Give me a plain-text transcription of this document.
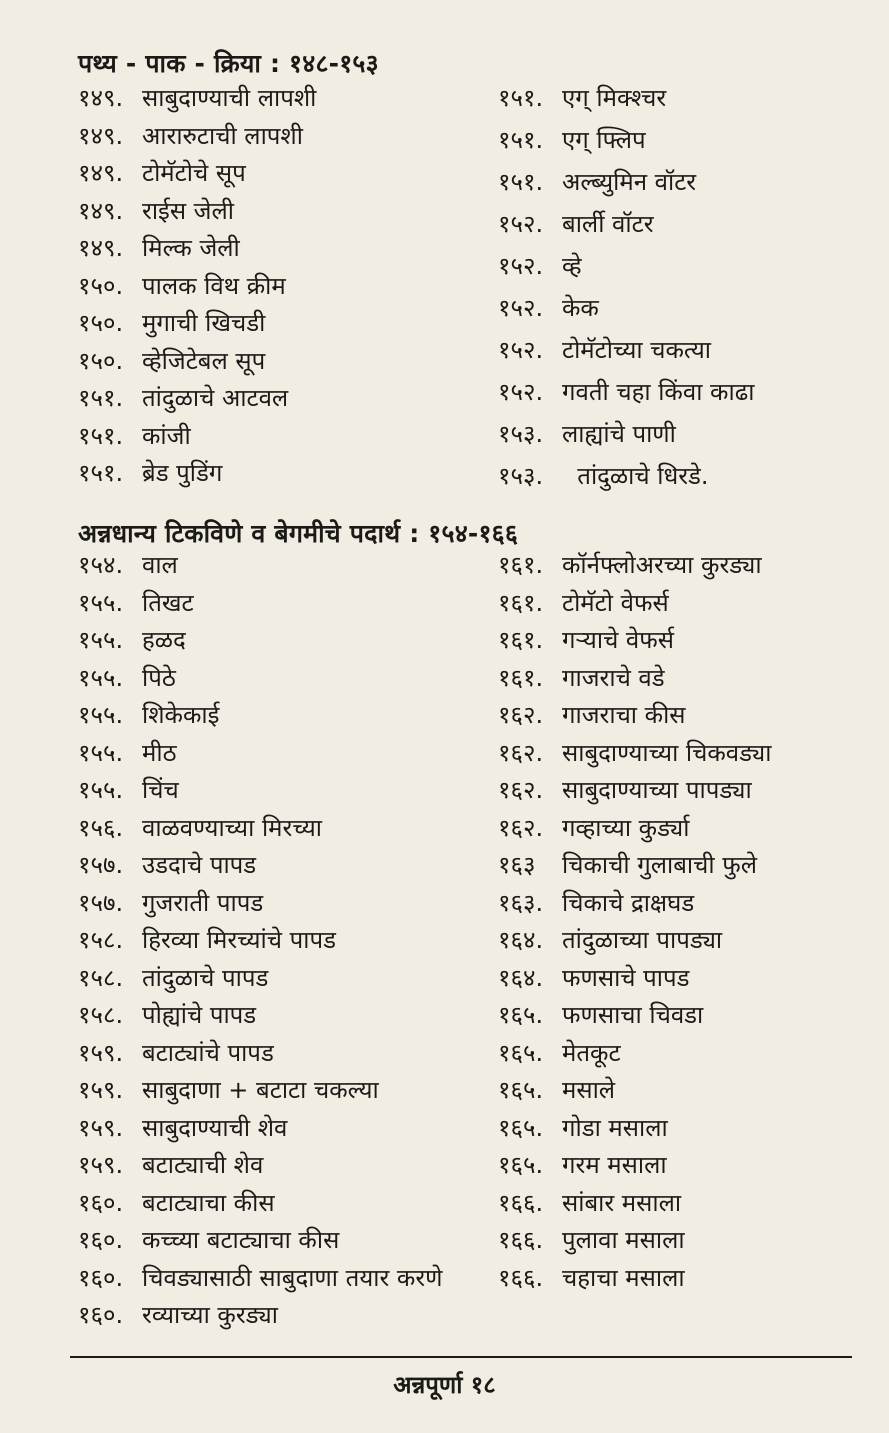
पथ्य - पाक - क्रिया : १४८-१५३
१४९. साबुदाण्याची लापशी
१४९. आरारुटाची लापशी
१४९. टोमॅटोचे सूप
१४९. राईस जेली
१४९. मिल्क जेली
१५०. पालक विथ क्रीम
१५०. मुगाची खिचडी
१५०. व्हेजिटेबल सूप
१५१. तांदुळाचे आटवल
१५१. कांजी
१५१. ब्रेड पुडिंग
१५१. एग् मिक्श्चर
१५१. एग् फ्लिप
१५१. अल्ब्युमिन वॉटर
१५२. बार्ली वॉटर
१५२. व्हे
१५२. केक
१५२. टोमॅटोच्या चकत्या
१५२. गवती चहा किंवा काढा
१५३. लाह्यांचे पाणी
१५३.  तांदुळाचे धिरडे.
अन्नधान्य टिकविणे व बेगमीचे पदार्थ : १५४-१६६
१५४. वाल
१५५. तिखट
१५५. हळद
१५५. पिठे
१५५. शिकेकाई
१५५. मीठ
१५५. चिंच
१५६. वाळवण्याच्या मिरच्या
१५७. उडदाचे पापड
१५७. गुजराती पापड
१५८. हिरव्या मिरच्यांचे पापड
१५८. तांदुळाचे पापड
१५८. पोह्यांचे पापड
१५९. बटाट्यांचे पापड
१५९. साबुदाणा + बटाटा चकल्या
१५९. साबुदाण्याची शेव
१५९. बटाट्याची शेव
१६०. बटाट्याचा कीस
१६०. कच्च्या बटाट्याचा कीस
१६०. चिवड्यासाठी साबुदाणा तयार करणे
१६०. रव्याच्या कुरड्या
१६१. कॉर्नफ्लोअरच्या कुरड्या
१६१. टोमॅटो वेफर्स
१६१. गऱ्याचे वेफर्स
१६१. गाजराचे वडे
१६२. गाजराचा कीस
१६२. साबुदाण्याच्या चिकवड्या
१६२. साबुदाण्याच्या पापड्या
१६२. गव्हाच्या कुर्ड्या
१६३ चिकाची गुलाबाची फुले
१६३. चिकाचे द्राक्षघड
१६४. तांदुळाच्या पापड्या
१६४. फणसाचे पापड
१६५. फणसाचा चिवडा
१६५. मेतकूट
१६५. मसाले
१६५. गोडा मसाला
१६५. गरम मसाला
१६६. सांबार मसाला
१६६. पुलावा मसाला
१६६. चहाचा मसाला
अन्नपूर्णा १८
